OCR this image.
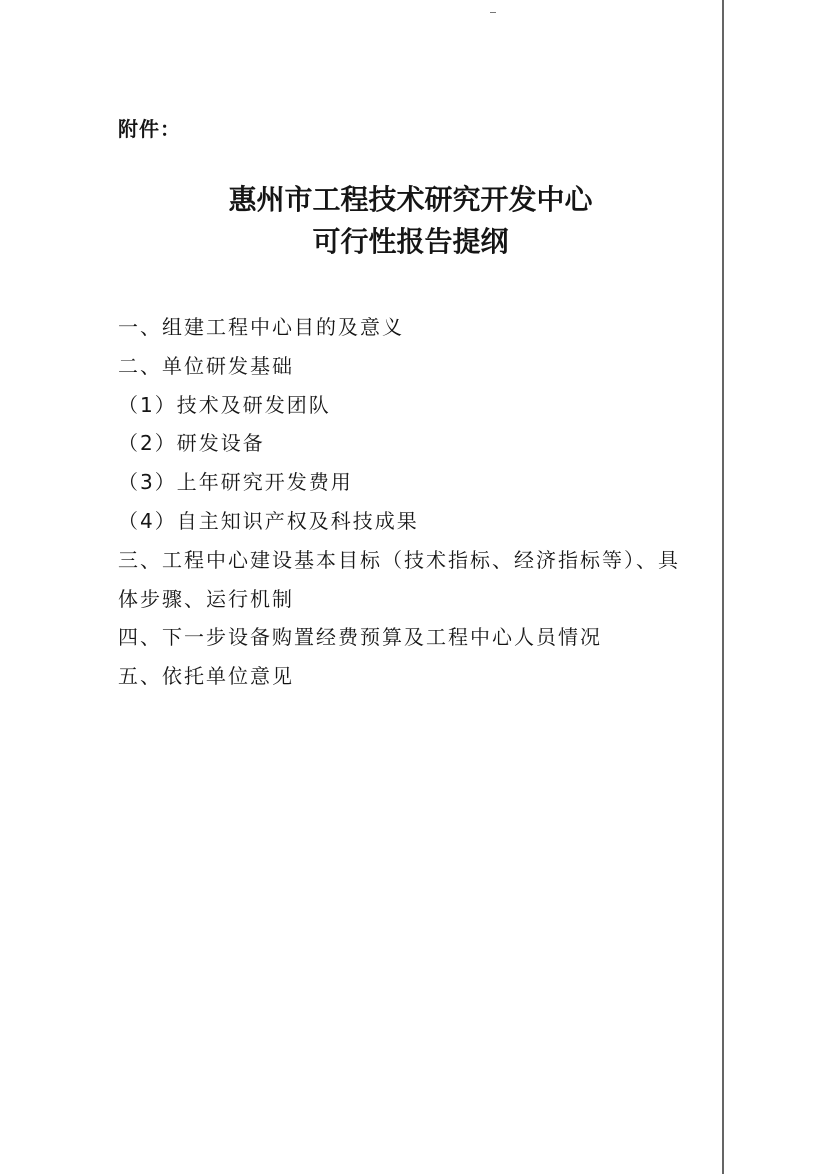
附件：
惠州市工程技术研究开发中心
可行性报告提纲
一、组建工程中心目的及意义
二、单位研发基础
（1）技术及研发团队
（2）研发设备
（3）上年研究开发费用
（4）自主知识产权及科技成果
三、工程中心建设基本目标（技术指标、经济指标等）、具
体步骤、运行机制
四、下一步设备购置经费预算及工程中心人员情况
五、依托单位意见
